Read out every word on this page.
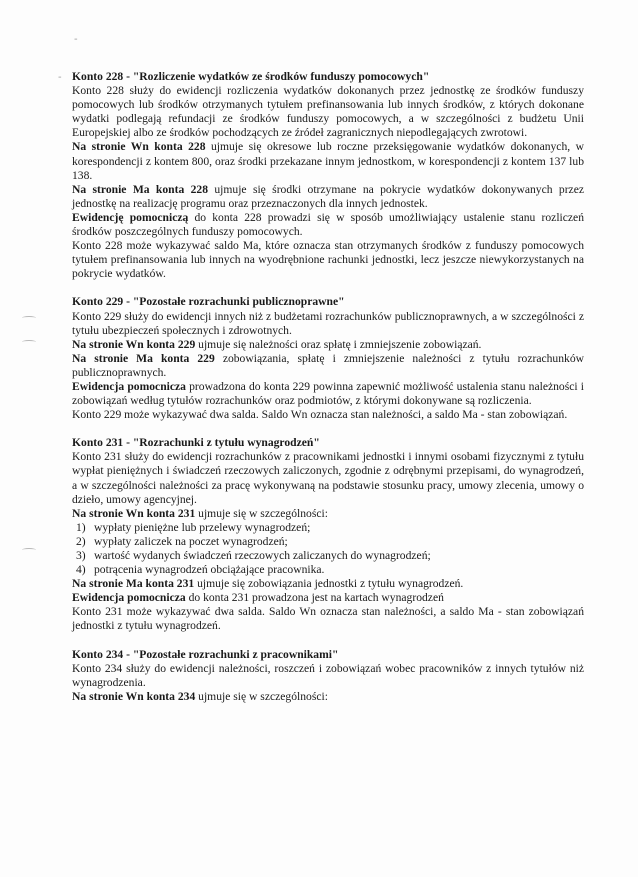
-
- Konto 228 - "Rozliczenie wydatków ze środków funduszy pomocowych"

Konto 228 służy do ewidencji rozliczenia wydatków dokonanych przez jednostkę ze środków funduszy pomocowych lub środków otrzymanych tytułem prefinansowania lub innych środków, z których dokonane wydatki podlegają refundacji ze środków funduszy pomocowych, a w szczególności z budżetu Unii Europejskiej albo ze środków pochodzących ze źródeł zagranicznych niepodlegających zwrotowi.

Na stronie Wn konta 228 ujmuje się okresowe lub roczne przeksięgowanie wydatków dokonanych, w korespondencji z kontem 800, oraz środki przekazane innym jednostkom, w korespondencji z kontem 137 lub 138.

Na stronie Ma konta 228 ujmuje się środki otrzymane na pokrycie wydatków dokonywanych przez jednostkę na realizację programu oraz przeznaczonych dla innych jednostek.

Ewidencję pomocniczą do konta 228 prowadzi się w sposób umożliwiający ustalenie stanu rozliczeń środków poszczególnych funduszy pomocowych.

Konto 228 może wykazywać saldo Ma, które oznacza stan otrzymanych środków z funduszy pomocowych tytułem prefinansowania lub innych na wyodrębnione rachunki jednostki, lecz jeszcze niewykorzystanych na pokrycie wydatków.

Konto 229 - "Pozostałe rozrachunki publicznoprawne"

Konto 229 służy do ewidencji innych niż z budżetami rozrachunków publicznoprawnych, a w szczególności z tytułu ubezpieczeń społecznych i zdrowotnych.

Na stronie Wn konta 229 ujmuje się należności oraz spłatę i zmniejszenie zobowiązań.

Na stronie Ma konta 229 zobowiązania, spłatę i zmniejszenie należności z tytułu rozrachunków publicznoprawnych.

Ewidencja pomocnicza prowadzona do konta 229 powinna zapewnić możliwość ustalenia stanu należności i zobowiązań według tytułów rozrachunków oraz podmiotów, z którymi dokonywane są rozliczenia.

Konto 229 może wykazywać dwa salda. Saldo Wn oznacza stan należności, a saldo Ma - stan zobowiązań.

Konto 231 - "Rozrachunki z tytułu wynagrodzeń"

Konto 231 służy do ewidencji rozrachunków z pracownikami jednostki i innymi osobami fizycznymi z tytułu wypłat pieniężnych i świadczeń rzeczowych zaliczonych, zgodnie z odrębnymi przepisami, do wynagrodzeń, a w szczególności należności za pracę wykonywaną na podstawie stosunku pracy, umowy zlecenia, umowy o dzieło, umowy agencyjnej.

Na stronie Wn konta 231 ujmuje się w szczególności:

1) wypłaty pieniężne lub przelewy wynagrodzeń;
2) wypłaty zaliczek na poczet wynagrodzeń;
3) wartość wydanych świadczeń rzeczowych zaliczanych do wynagrodzeń;
4) potrącenia wynagrodzeń obciążające pracownika.

Na stronie Ma konta 231 ujmuje się zobowiązania jednostki z tytułu wynagrodzeń.

Ewidencja pomocnicza do konta 231 prowadzona jest na kartach wynagrodzeń

Konto 231 może wykazywać dwa salda. Saldo Wn oznacza stan należności, a saldo Ma - stan zobowiązań jednostki z tytułu wynagrodzeń.

Konto 234 - "Pozostałe rozrachunki z pracownikami"

Konto 234 służy do ewidencji należności, roszczeń i zobowiązań wobec pracowników z innych tytułów niż wynagrodzenia.

Na stronie Wn konta 234 ujmuje się w szczególności:
